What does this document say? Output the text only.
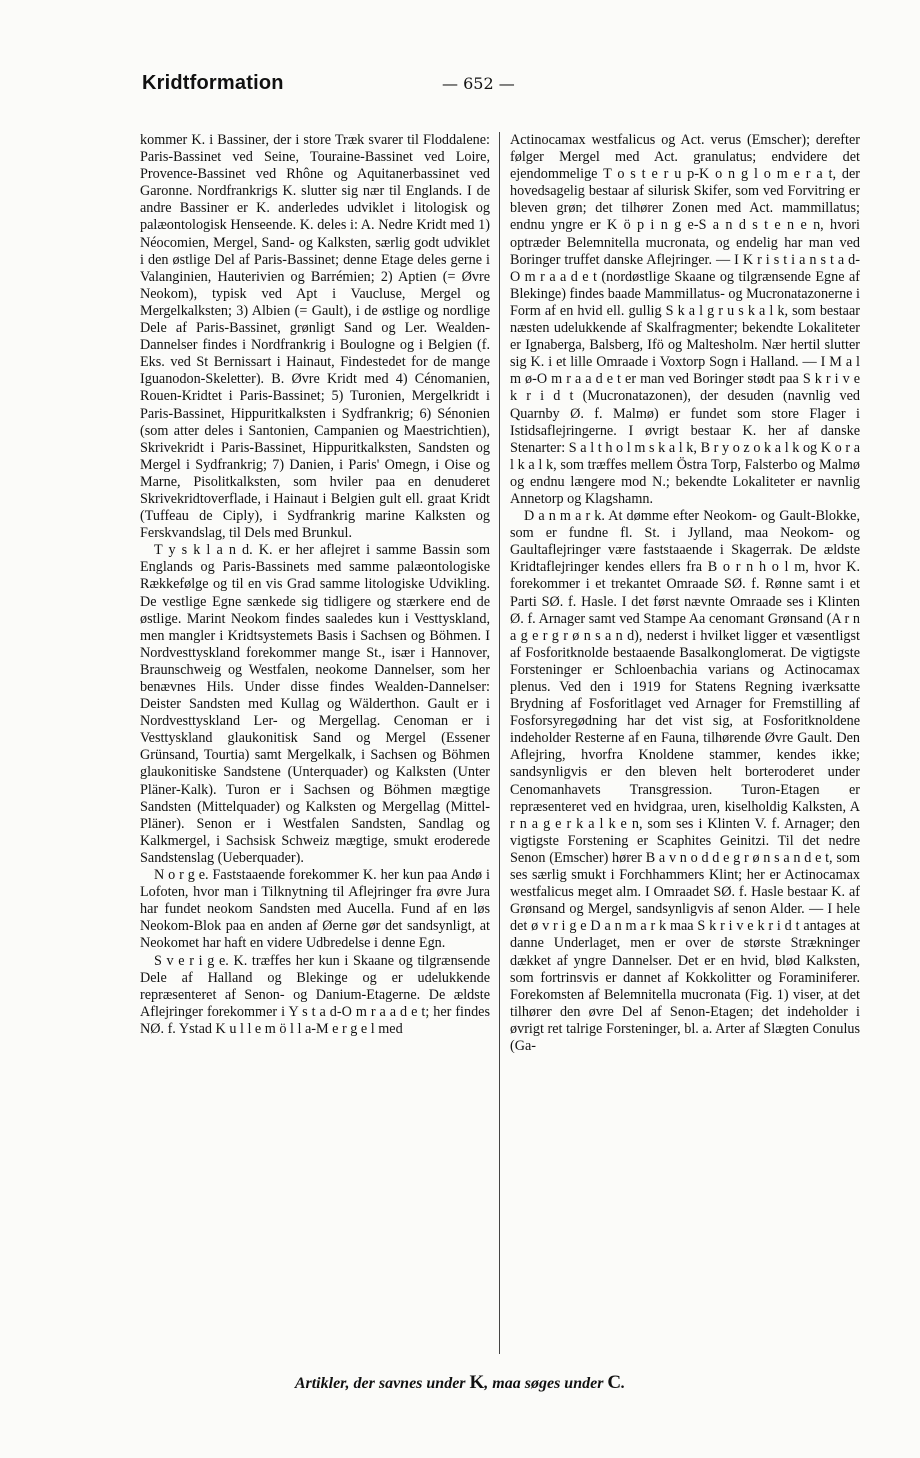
Kridtformation	— 652 —

kommer K. i Bassiner, der i store Træk svarer til Floddalene: Paris-Bassinet ved Seine, Touraine-Bassinet ved Loire, Provence-Bassinet ved Rhône og Aquitanerbassinet ved Garonne. Nordfrankrigs K. slutter sig nær til Englands. I de andre Bassiner er K. anderledes udviklet i litologisk og palæontologisk Henseende. K. deles i: A. Nedre Kridt med 1) Néocomien, Mergel, Sand- og Kalksten, særlig godt udviklet i den østlige Del af Paris-Bassinet; denne Etage deles gerne i Valanginien, Hauterivien og Barrémien; 2) Aptien (= Øvre Neokom), typisk ved Apt i Vaucluse, Mergel og Mergelkalksten; 3) Albien (= Gault), i de østlige og nordlige Dele af Paris-Bassinet, grønligt Sand og Ler. Wealden-Dannelser findes i Nordfrankrig i Boulogne og i Belgien (f. Eks. ved St Bernissart i Hainaut, Findestedet for de mange Iguanodon-Skeletter). B. Øvre Kridt med 4) Cénomanien, Rouen-Kridtet i Paris-Bassinet; 5) Turonien, Mergelkridt i Paris-Bassinet, Hippuritkalksten i Sydfrankrig; 6) Sénonien (som atter deles i Santonien, Campanien og Maestrichtien), Skrivekridt i Paris-Bassinet, Hippuritkalksten, Sandsten og Mergel i Sydfrankrig; 7) Danien, i Paris' Omegn, i Oise og Marne, Pisolitkalksten, som hviler paa en denuderet Skrivekridtoverflade, i Hainaut i Belgien gult ell. graat Kridt (Tuffeau de Ciply), i Sydfrankrig marine Kalksten og Ferskvandslag, til Dels med Brunkul.

T y s k l a n d. K. er her aflejret i samme Bassin som Englands og Paris-Bassinets med samme palæontologiske Rækkefølge og til en vis Grad samme litologiske Udvikling. De vestlige Egne sænkede sig tidligere og stærkere end de østlige. Marint Neokom findes saaledes kun i Vesttyskland, men mangler i Kridtsystemets Basis i Sachsen og Böhmen. I Nordvesttyskland forekommer mange St., især i Hannover, Braunschweig og Westfalen, neokome Dannelser, som her benævnes Hils. Under disse findes Wealden-Dannelser: Deister Sandsten med Kullag og Wälderthon. Gault er i Nordvesttyskland Ler- og Mergellag. Cenoman er i Vesttyskland glaukonitisk Sand og Mergel (Essener Grünsand, Tourtia) samt Mergelkalk, i Sachsen og Böhmen glaukonitiske Sandstene (Unterquader) og Kalksten (Unter Pläner-Kalk). Turon er i Sachsen og Böhmen mægtige Sandsten (Mittelquader) og Kalksten og Mergellag (Mittel-Pläner). Senon er i Westfalen Sandsten, Sandlag og Kalkmergel, i Sachsisk Schweiz mægtige, smukt eroderede Sandstenslag (Ueberquader).

N o r g e. Faststaaende forekommer K. her kun paa Andø i Lofoten, hvor man i Tilknytning til Aflejringer fra øvre Jura har fundet neokom Sandsten med Aucella. Fund af en løs Neokom-Blok paa en anden af Øerne gør det sandsynligt, at Neokomet har haft en videre Udbredelse i denne Egn.

S v e r i g e. K. træffes her kun i Skaane og tilgrænsende Dele af Halland og Blekinge og er udelukkende repræsenteret af Senon- og Danium-Etagerne. De ældste Aflejringer forekommer i Y s t a d-O m r a a d e t; her findes NØ. f. Ystad K u l l e m ö l l a-M e r g e l med

Actinocamax westfalicus og Act. verus (Emscher); derefter følger Mergel med Act. granulatus; endvidere det ejendommelige T o s t e r u p-K o n g l o m e r a t, der hovedsagelig bestaar af silurisk Skifer, som ved Forvitring er bleven grøn; det tilhører Zonen med Act. mammillatus; endnu yngre er K ö p i n g e-S a n d s t e n e n, hvori optræder Belemnitella mucronata, og endelig har man ved Boringer truffet danske Aflejringer. — I K r i s t i a n s t a d-O m r a a d e t (nordøstlige Skaane og tilgrænsende Egne af Blekinge) findes baade Mammillatus- og Mucronatazonerne i Form af en hvid ell. gullig S k a l g r u s k a l k, som bestaar næsten udelukkende af Skalfragmenter; bekendte Lokaliteter er Ignaberga, Balsberg, Ifö og Maltesholm. Nær hertil slutter sig K. i et lille Omraade i Voxtorp Sogn i Halland. — I M a l m ø-O m r a a d e t er man ved Boringer stødt paa S k r i v e k r i d t (Mucronatazonen), der desuden (navnlig ved Quarnby Ø. f. Malmø) er fundet som store Flager i Istidsaflejringerne. I øvrigt bestaar K. her af danske Stenarter: S a l t h o l m s k a l k, B r y o z o k a l k og K o r a l k a l k, som træffes mellem Östra Torp, Falsterbo og Malmø og endnu længere mod N.; bekendte Lokaliteter er navnlig Annetorp og Klagshamn.

D a n m a r k. At dømme efter Neokom- og Gault-Blokke, som er fundne fl. St. i Jylland, maa Neokom- og Gaultaflejringer være faststaaende i Skagerrak. De ældste Kridtaflejringer kendes ellers fra B o r n h o l m, hvor K. forekommer i et trekantet Omraade SØ. f. Rønne samt i et Parti SØ. f. Hasle. I det først nævnte Omraade ses i Klinten Ø. f. Arnager samt ved Stampe Aa cenomant Grønsand (A r n a g e r g r ø n s a n d), nederst i hvilket ligger et væsentligst af Fosforitknolde bestaaende Basalkonglomerat. De vigtigste Forsteninger er Schloenbachia varians og Actinocamax plenus. Ved den i 1919 for Statens Regning iværksatte Brydning af Fosforitlaget ved Arnager for Fremstilling af Fosforsyregødning har det vist sig, at Fosforitknoldene indeholder Resterne af en Fauna, tilhørende Øvre Gault. Den Aflejring, hvorfra Knoldene stammer, kendes ikke; sandsynligvis er den bleven helt borteroderet under Cenomanhavets Transgression. Turon-Etagen er repræsenteret ved en hvidgraa, uren, kiselholdig Kalksten, A r n a g e r k a l k e n, som ses i Klinten V. f. Arnager; den vigtigste Forstening er Scaphites Geinitzi. Til det nedre Senon (Emscher) hører B a v n o d d e g r ø n s a n d e t, som ses særlig smukt i Forchhammers Klint; her er Actinocamax westfalicus meget alm. I Omraadet SØ. f. Hasle bestaar K. af Grønsand og Mergel, sandsynligvis af senon Alder. — I hele det ø v r i g e D a n m a r k maa S k r i v e k r i d t antages at danne Underlaget, men er over de største Strækninger dækket af yngre Dannelser. Det er en hvid, blød Kalksten, som fortrinsvis er dannet af Kokkolitter og Foraminiferer. Forekomsten af Belemnitella mucronata (Fig. 1) viser, at det tilhører den øvre Del af Senon-Etagen; det indeholder i øvrigt ret talrige Forsteninger, bl. a. Arter af Slægten Conulus (Ga-

Artikler, der savnes under K, maa søges under C.
